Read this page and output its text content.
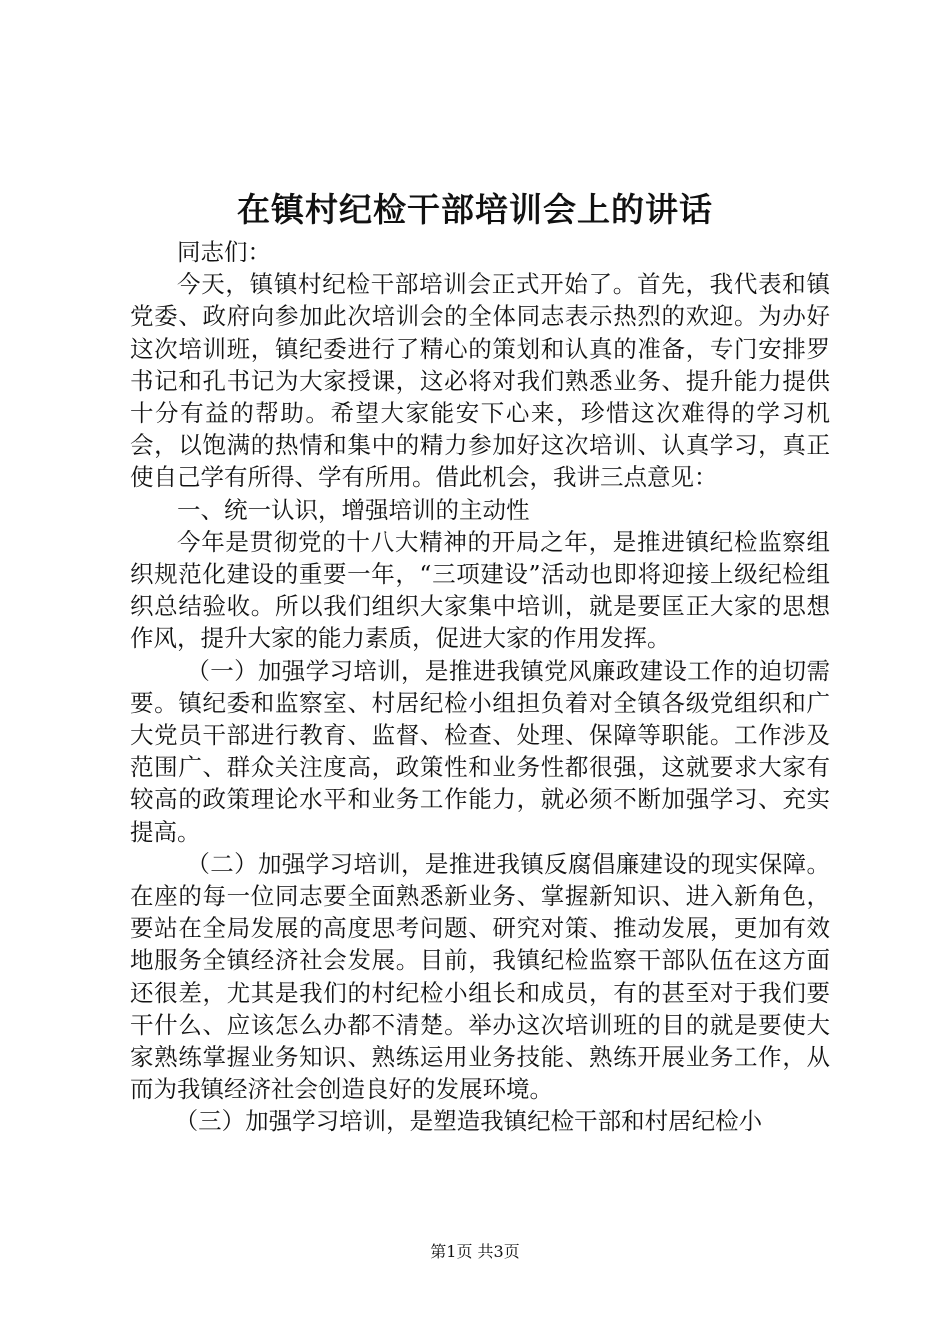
在镇村纪检干部培训会上的讲话

同志们：

今天，镇镇村纪检干部培训会正式开始了。首先，我代表和镇党委、政府向参加此次培训会的全体同志表示热烈的欢迎。为办好这次培训班，镇纪委进行了精心的策划和认真的准备，专门安排罗书记和孔书记为大家授课，这必将对我们熟悉业务、提升能力提供十分有益的帮助。希望大家能安下心来，珍惜这次难得的学习机会，以饱满的热情和集中的精力参加好这次培训、认真学习，真正使自己学有所得、学有所用。借此机会，我讲三点意见：

一、统一认识，增强培训的主动性

今年是贯彻党的十八大精神的开局之年，是推进镇纪检监察组织规范化建设的重要一年，“三项建设”活动也即将迎接上级纪检组织总结验收。所以我们组织大家集中培训，就是要匡正大家的思想作风，提升大家的能力素质，促进大家的作用发挥。

（一）加强学习培训，是推进我镇党风廉政建设工作的迫切需要。镇纪委和监察室、村居纪检小组担负着对全镇各级党组织和广大党员干部进行教育、监督、检查、处理、保障等职能。工作涉及范围广、群众关注度高，政策性和业务性都很强，这就要求大家有较高的政策理论水平和业务工作能力，就必须不断加强学习、充实提高。

（二）加强学习培训，是推进我镇反腐倡廉建设的现实保障。在座的每一位同志要全面熟悉新业务、掌握新知识、进入新角色，要站在全局发展的高度思考问题、研究对策、推动发展，更加有效地服务全镇经济社会发展。目前，我镇纪检监察干部队伍在这方面还很差，尤其是我们的村纪检小组长和成员，有的甚至对于我们要干什么、应该怎么办都不清楚。举办这次培训班的目的就是要使大家熟练掌握业务知识、熟练运用业务技能、熟练开展业务工作，从而为我镇经济社会创造良好的发展环境。

（三）加强学习培训，是塑造我镇纪检干部和村居纪检小

第1页 共3页
